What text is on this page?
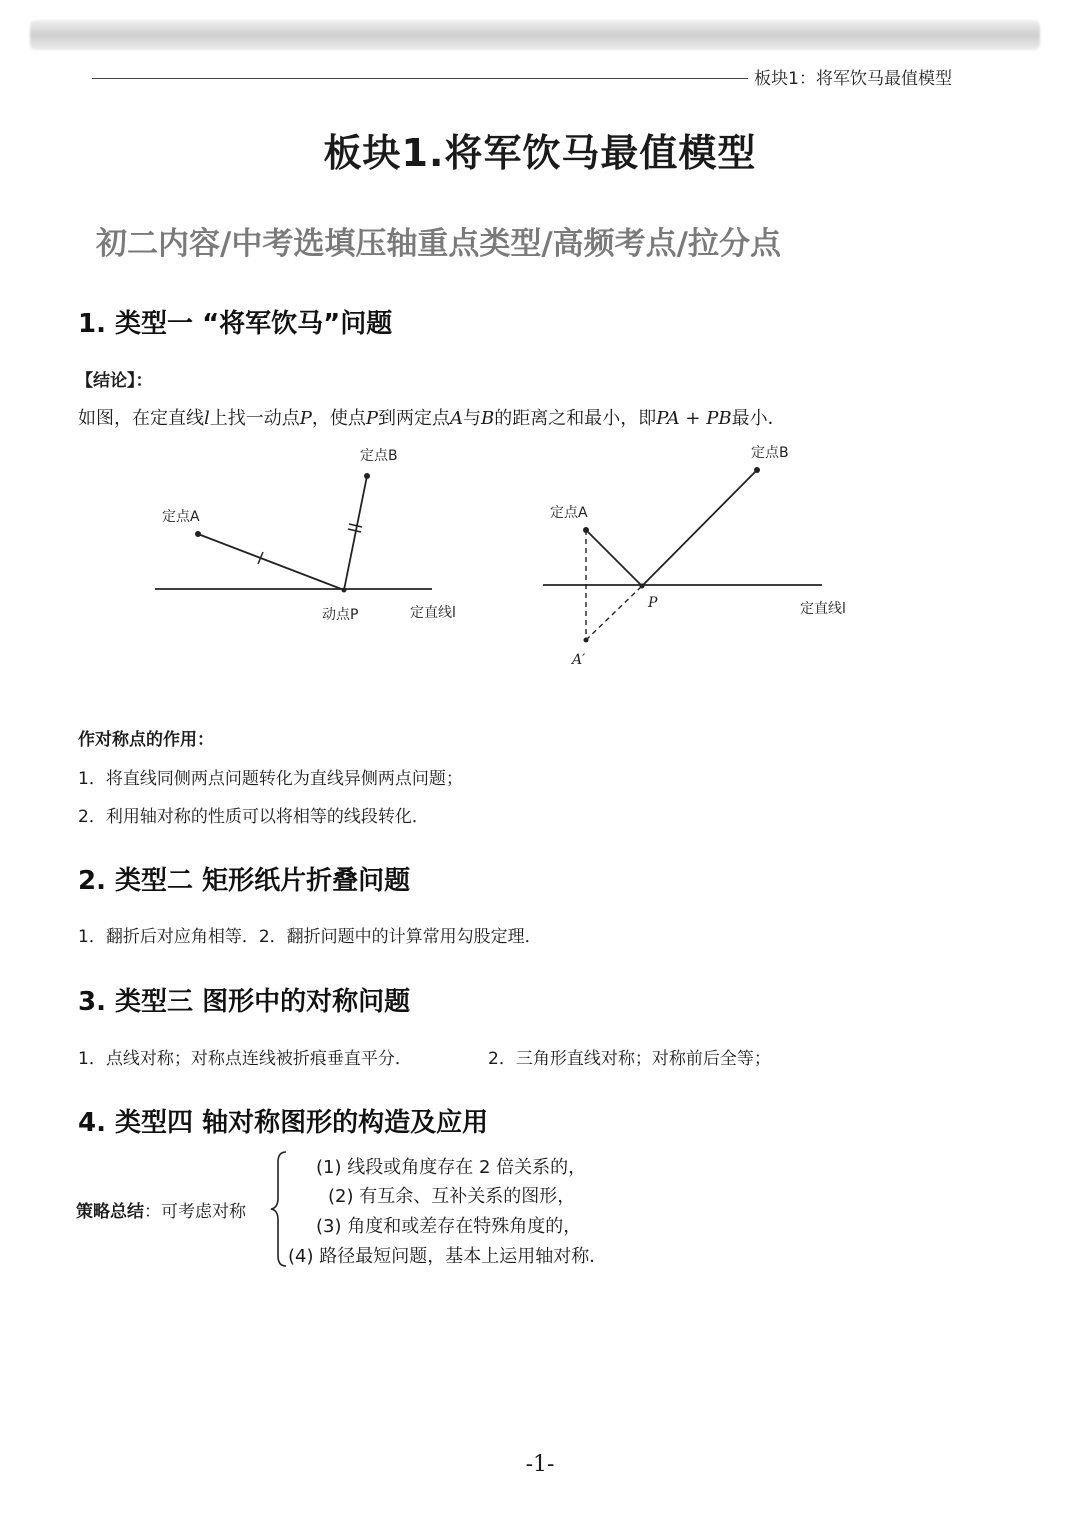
板块1：将军饮马最值模型
板块1.将军饮马最值模型
初二内容/中考选填压轴重点类型/高频考点/拉分点
1. 类型一 “将军饮马”问题
【结论】：
如图，在定直线l上找一动点P，使点P到两定点A与B的距离之和最小，即PA + PB最小．
定点B
定点A
动点P	定直线l
定点B
定点A
P	定直线l
A′
作对称点的作用：
1．将直线同侧两点问题转化为直线异侧两点问题；
2．利用轴对称的性质可以将相等的线段转化．
2. 类型二 矩形纸片折叠问题
1．翻折后对应角相等．2．翻折问题中的计算常用勾股定理．
3. 类型三 图形中的对称问题
1．点线对称；对称点连线被折痕垂直平分．	2．三角形直线对称；对称前后全等；
4. 类型四 轴对称图形的构造及应用
策略总结：可考虑对称
(1) 线段或角度存在 2 倍关系的，
(2) 有互余、互补关系的图形，
(3) 角度和或差存在特殊角度的，
(4) 路径最短问题，基本上运用轴对称．
-1-
